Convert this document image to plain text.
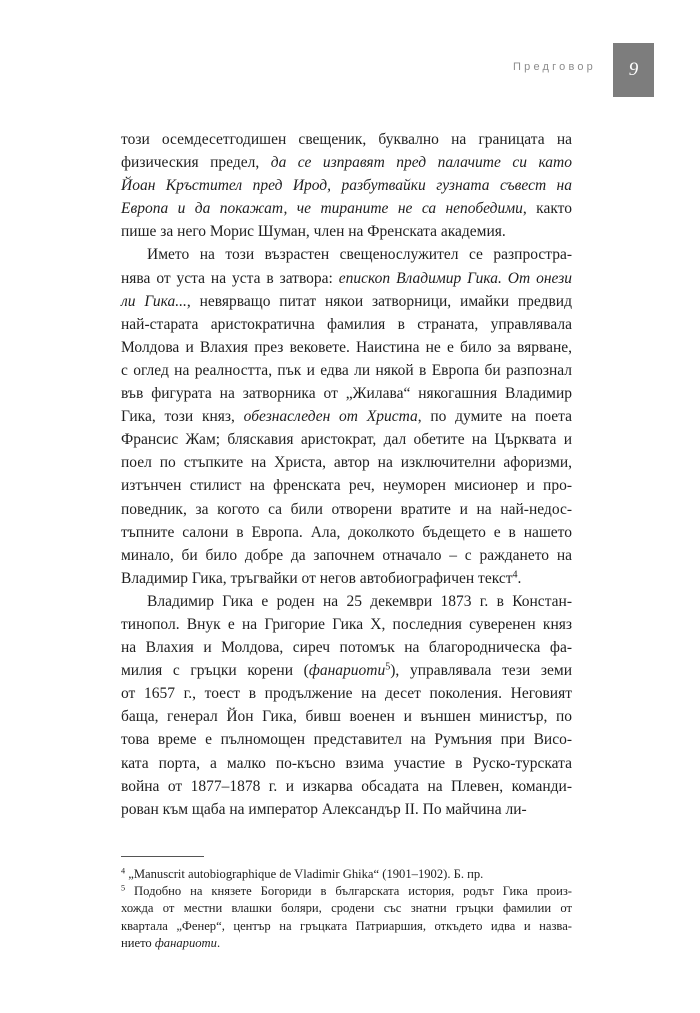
Предговор 9
този осемдесетгодишен свещеник, буквално на границата на
физическия предел, да се изправят пред палачите си като
Йоан Кръстител пред Ирод, разбутвайки гузната съвест на
Европа и да покажат, че тираните не са непобедими, както
пише за него Морис Шуман, член на Френската академия.
Името на този възрастен свещенослужител се разпростра-
нява от уста на уста в затвора: епископ Владимир Гика. От онези
ли Гика..., невярващо питат някои затворници, имайки предвид
най-старата аристократична фамилия в страната, управлявала
Молдова и Влахия през вековете. Наистина не е било за вярване,
с оглед на реалността, пък и едва ли някой в Европа би разпознал
във фигурата на затворника от „Жилава“ някогашния Владимир
Гика, този княз, обезнаследен от Христа, по думите на поета
Франсис Жам; бляскавия аристократ, дал обетите на Църквата и
поел по стъпките на Христа, автор на изключителни афоризми,
изтънчен стилист на френската реч, неуморен мисионер и про-
поведник, за когото са били отворени вратите и на най-недос-
тъпните салони в Европа. Ала, доколкото бъдещето е в нашето
минало, би било добре да започнем отначало – с раждането на
Владимир Гика, тръгвайки от негов автобиографичен текст$^4$.
Владимир Гика е роден на 25 декември 1873 г. в Констан-
тинопол. Внук е на Григорие Гика Х, последния суверенен княз
на Влахия и Молдова, сиреч потомък на благородническа фа-
милия с гръцки корени (фанариоти$^5$), управлявала тези земи
от 1657 г., тоест в продължение на десет поколения. Неговият
баща, генерал Йон Гика, бивш военен и външен министър, по
това време е пълномощен представител на Румъния при Висо-
ката порта, а малко по-късно взима участие в Руско-турската
война от 1877–1878 г. и изкарва обсадата на Плевен, команди-
рован към щаба на император Александър II. По майчина ли-
$^4$ „Manuscrit autobiographique de Vladimir Ghika“ (1901–1902). Б. пр.
$^5$ Подобно на князете Богориди в българската история, родът Гика произ-
хожда от местни влашки боляри, сродени със знатни гръцки фамилии от
квартала „Фенер“, център на гръцката Патриаршия, откъдето идва и назва-
нието фанариоти.
